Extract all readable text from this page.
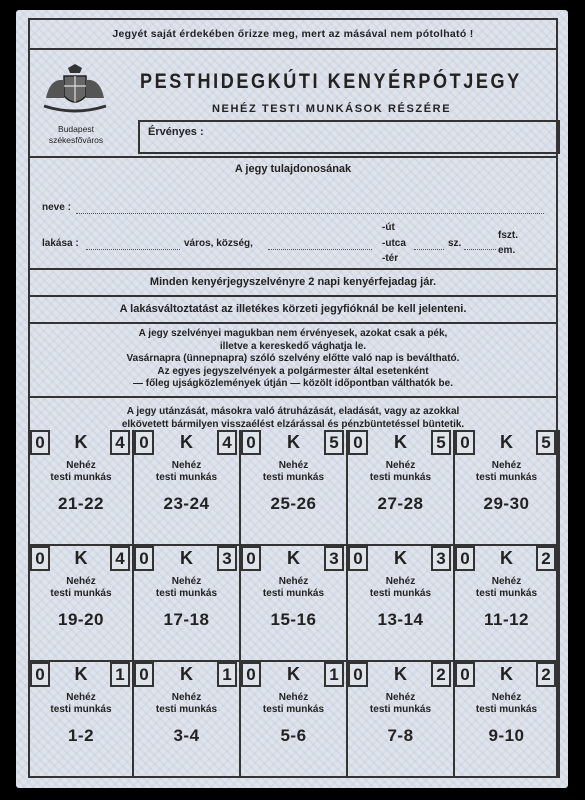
Jegyét saját érdekében őrizze meg, mert az másával nem pótolható !
Budapest
székesfőváros
PESTHIDEGKÚTI KENYÉRPÓTJEGY
NEHÉZ TESTI MUNKÁSOK RÉSZÉRE
Érvényes :
A jegy tulajdonosának
neve :
lakása :	város, község,
-út
-utca
-tér
sz.
fszt.
em.
Minden kenyérjegyszelvényre 2 napi kenyérfejadag jár.
A lakásváltoztatást az illetékes körzeti jegyfióknál be kell jelenteni.
A jegy szelvényei magukban nem érvényesek, azokat csak a pék,
illetve a kereskedő vághatja le.
Vasárnapra (ünnepnapra) szóló szelvény előtte való nap is beváltható.
Az egyes jegyszelvények a polgármester által esetenként
— főleg ujságközlemények útján — közölt időpontban válthatók be.
A jegy utánzását, másokra való átruházását, eladását, vagy az azokkal
elkövetett bármilyen visszaélést elzárással és pénzbüntetéssel büntetik.
0	K	4
Nehéz
testi munkás
21-22
0	K	4
Nehéz
testi munkás
23-24
0	K	5
Nehéz
testi munkás
25-26
0	K	5
Nehéz
testi munkás
27-28
0	K	5
Nehéz
testi munkás
29-30
0	K	4
Nehéz
testi munkás
19-20
0	K	3
Nehéz
testi munkás
17-18
0	K	3
Nehéz
testi munkás
15-16
0	K	3
Nehéz
testi munkás
13-14
0	K	2
Nehéz
testi munkás
11-12
0	K	1
Nehéz
testi munkás
1-2
0	K	1
Nehéz
testi munkás
3-4
0	K	1
Nehéz
testi munkás
5-6
0	K	2
Nehéz
testi munkás
7-8
0	K	2
Nehéz
testi munkás
9-10
